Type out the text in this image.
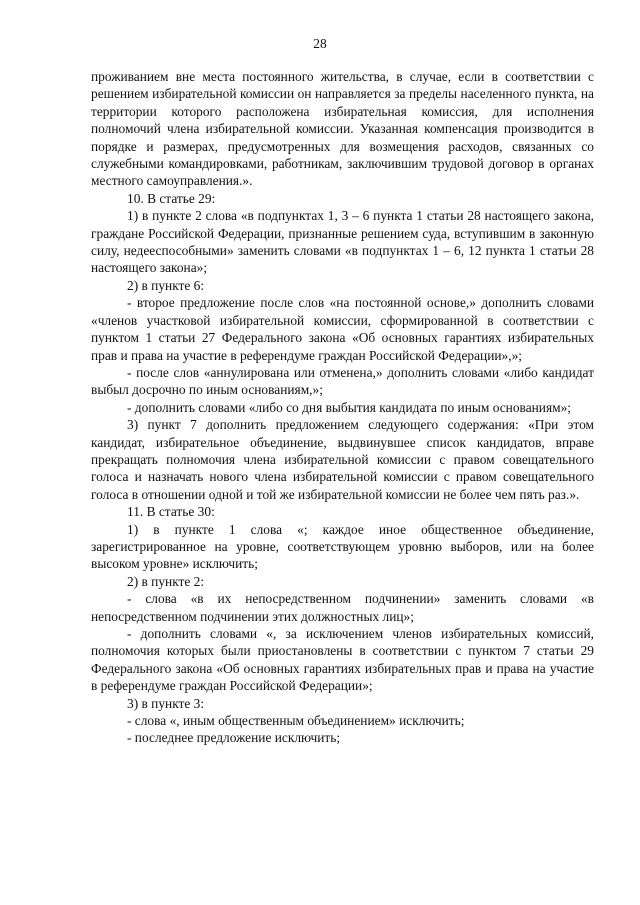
28

проживанием вне места постоянного жительства, в случае, если в соответствии с решением избирательной комиссии он направляется за пределы населенного пункта, на территории которого расположена избирательная комиссия, для исполнения полномочий члена избирательной комиссии. Указанная компенсация производится в порядке и размерах, предусмотренных для возмещения расходов, связанных со служебными командировками, работникам, заключившим трудовой договор в органах местного самоуправления.».

10. В статье 29:

1) в пункте 2 слова «в подпунктах 1, 3 – 6 пункта 1 статьи 28 настоящего закона, граждане Российской Федерации, признанные решением суда, вступившим в законную силу, недееспособными» заменить словами «в подпунктах 1 – 6, 12 пункта 1 статьи 28 настоящего закона»;

2) в пункте 6:

- второе предложение после слов «на постоянной основе,» дополнить словами «членов участковой избирательной комиссии, сформированной в соответствии с пунктом 1 статьи 27 Федерального закона «Об основных гарантиях избирательных прав и права на участие в референдуме граждан Российской Федерации»,»;

- после слов «аннулирована или отменена,» дополнить словами «либо кандидат выбыл досрочно по иным основаниям,»;

- дополнить словами «либо со дня выбытия кандидата по иным основаниям»;

3) пункт 7 дополнить предложением следующего содержания: «При этом кандидат, избирательное объединение, выдвинувшее список кандидатов, вправе прекращать полномочия члена избирательной комиссии с правом совещательного голоса и назначать нового члена избирательной комиссии с правом совещательного голоса в отношении одной и той же избирательной комиссии не более чем пять раз.».

11. В статье 30:

1) в пункте 1 слова «; каждое иное общественное объединение, зарегистрированное на уровне, соответствующем уровню выборов, или на более высоком уровне» исключить;

2) в пункте 2:

- слова «в их непосредственном подчинении» заменить словами «в непосредственном подчинении этих должностных лиц»;

- дополнить словами «, за исключением членов избирательных комиссий, полномочия которых были приостановлены в соответствии с пунктом 7 статьи 29 Федерального закона «Об основных гарантиях избирательных прав и права на участие в референдуме граждан Российской Федерации»;

3) в пункте 3:

- слова «, иным общественным объединением» исключить;

- последнее предложение исключить;
